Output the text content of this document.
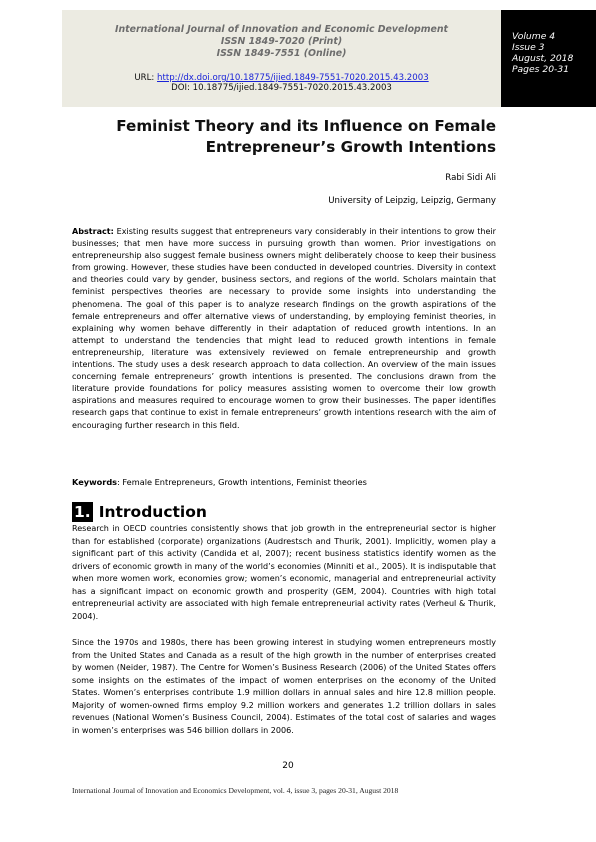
International Journal of Innovation and Economic Development
ISSN 1849-7020 (Print)
ISSN 1849-7551 (Online)
URL: http://dx.doi.org/10.18775/ijied.1849-7551-7020.2015.43.2003
DOI: 10.18775/ijied.1849-7551-7020.2015.43.2003
Volume 4
Issue 3
August, 2018
Pages 20-31
Feminist Theory and its Influence on Female
Entrepreneur’s Growth Intentions
Rabi Sidi Ali
University of Leipzig, Leipzig, Germany

Abstract: Existing results suggest that entrepreneurs vary considerably in their intentions to grow their businesses; that men have more success in pursuing growth than women. Prior investigations on entrepreneurship also suggest female business owners might deliberately choose to keep their business from growing. However, these studies have been conducted in developed countries. Diversity in context and theories could vary by gender, business sectors, and regions of the world. Scholars maintain that feminist perspectives theories are necessary to provide some insights into understanding the phenomena. The goal of this paper is to analyze research findings on the growth aspirations of the female entrepreneurs and offer alternative views of understanding, by employing feminist theories, in explaining why women behave differently in their adaptation of reduced growth intentions. In an attempt to understand the tendencies that might lead to reduced growth intentions in female entrepreneurship, literature was extensively reviewed on female entrepreneurship and growth intentions. The study uses a desk research approach to data collection. An overview of the main issues concerning female entrepreneurs’ growth intentions is presented. The conclusions drawn from the literature provide foundations for policy measures assisting women to overcome their low growth aspirations and measures required to encourage women to grow their businesses. The paper identifies research gaps that continue to exist in female entrepreneurs’ growth intentions research with the aim of encouraging further research in this field.

Keywords: Female Entrepreneurs, Growth intentions, Feminist theories

1. Introduction

Research in OECD countries consistently shows that job growth in the entrepreneurial sector is higher than for established (corporate) organizations (Audrestsch and Thurik, 2001). Implicitly, women play a significant part of this activity (Candida et al, 2007); recent business statistics identify women as the drivers of economic growth in many of the world’s economies (Minniti et al., 2005). It is indisputable that when more women work, economies grow; women’s economic, managerial and entrepreneurial activity has a significant impact on economic growth and prosperity (GEM, 2004). Countries with high total entrepreneurial activity are associated with high female entrepreneurial activity rates (Verheul & Thurik, 2004).

Since the 1970s and 1980s, there has been growing interest in studying women entrepreneurs mostly from the United States and Canada as a result of the high growth in the number of enterprises created by women (Neider, 1987). The Centre for Women’s Business Research (2006) of the United States offers some insights on the estimates of the impact of women enterprises on the economy of the United States. Women’s enterprises contribute 1.9 million dollars in annual sales and hire 12.8 million people. Majority of women-owned firms employ 9.2 million workers and generates 1.2 trillion dollars in sales revenues (National Women’s Business Council, 2004). Estimates of the total cost of salaries and wages in women’s enterprises was 546 billion dollars in 2006.

20
International Journal of Innovation and Economics Development, vol. 4, issue 3, pages 20-31, August 2018
